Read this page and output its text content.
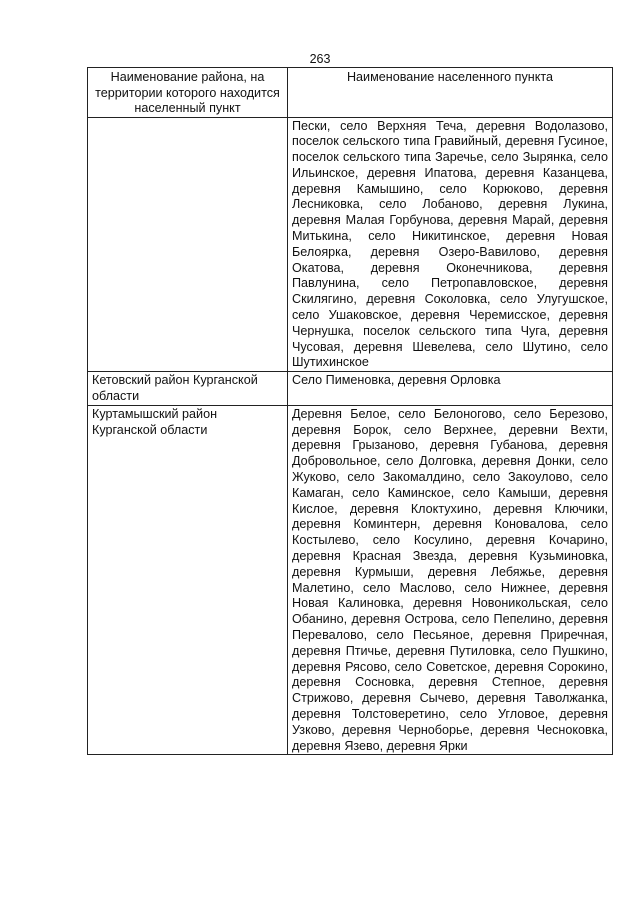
263
Наименование района, на территории которого находится населенный пункт	Наименование населенного пункта
	Пески, село Верхняя Теча, деревня Водолазово, поселок сельского типа Гравийный, деревня Гусиное, поселок сельского типа Заречье, село Зырянка, село Ильинское, деревня Ипатова, деревня Казанцева, деревня Камышино, село Корюково, деревня Лесниковка, село Лобаново, деревня Лукина, деревня Малая Горбунова, деревня Марай, деревня Митькина, село Никитинское, деревня Новая Белоярка, деревня Озеро-Вавилово, деревня Окатова, деревня Оконечникова, деревня Павлунина, село Петропавловское, деревня Скилягино, деревня Соколовка, село Улугушское, село Ушаковское, деревня Черемисское, деревня Чернушка, поселок сельского типа Чуга, деревня Чусовая, деревня Шевелева, село Шутино, село Шутихинское
Кетовский район Курганской области	Село Пименовка, деревня Орловка
Куртамышский район Курганской области	Деревня Белое, село Белоногово, село Березово, деревня Борок, село Верхнее, деревни Вехти, деревня Грызаново, деревня Губанова, деревня Добровольное, село Долговка, деревня Донки, село Жуково, село Закомалдино, село Закоулово, село Камаган, село Каминское, село Камыши, деревня Кислое, деревня Клоктухино, деревня Ключики, деревня Коминтерн, деревня Коновалова, село Костылево, село Косулино, деревня Кочарино, деревня Красная Звезда, деревня Кузьминовка, деревня Курмыши, деревня Лебяжье, деревня Малетино, село Маслово, село Нижнее, деревня Новая Калиновка, деревня Новоникольская, село Обанино, деревня Острова, село Пепелино, деревня Перевалово, село Песьяное, деревня Приречная, деревня Птичье, деревня Путиловка, село Пушкино, деревня Рясово, село Советское, деревня Сорокино, деревня Сосновка, деревня Степное, деревня Стрижово, деревня Сычево, деревня Таволжанка, деревня Толстоверетино, село Угловое, деревня Узково, деревня Черноборье, деревня Чесноковка, деревня Язево, деревня Ярки
